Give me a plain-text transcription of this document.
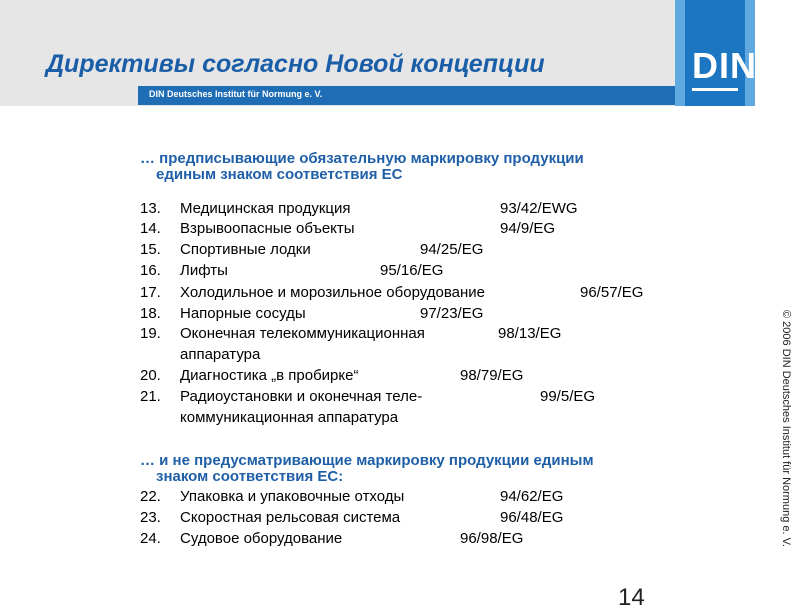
Директивы согласно Новой концепции
DIN Deutsches Institut für Normung e. V.
DIN
… предписывающие обязательную маркировку продукции
единым знаком соответствия ЕС
13. Медицинская продукция	93/42/EWG
14. Взрывоопасные объекты	94/9/EG
15. Спортивные лодки	94/25/EG
16. Лифты	95/16/EG
17. Холодильное и морозильное оборудование	96/57/EG
18. Напорные сосуды	97/23/EG
19. Оконечная телекоммуникационная	98/13/EG
аппаратура
20. Диагностика „в пробирке“	98/79/EG
21. Радиоустановки и оконечная теле-	99/5/EG
коммуникационная аппаратура
… и не предусматривающие маркировку продукции единым
знаком соответствия ЕС:
22. Упаковка и упаковочные отходы	94/62/EG
23. Скоростная рельсовая система	96/48/EG
24. Судовое оборудование	96/98/EG	© 2006 DIN Deutsches Institut für Normung e. V.
14
